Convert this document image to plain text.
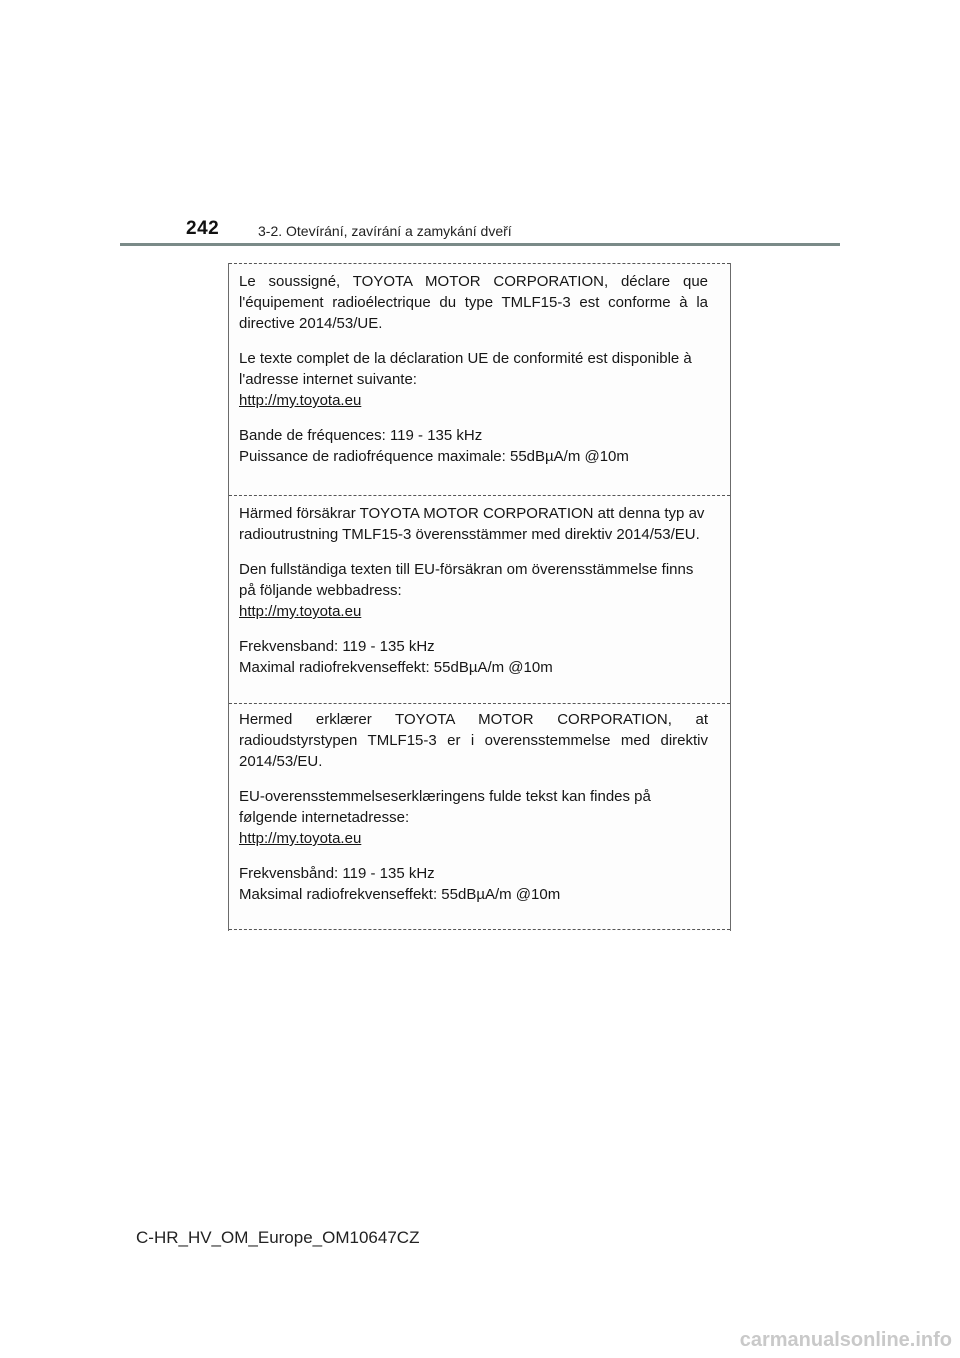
242	3-2. Otevírání, zavírání a zamykání dveří
Le soussigné, TOYOTA MOTOR CORPORATION, déclare que
l'équipement radioélectrique du type TMLF15-3 est conforme à la
directive 2014/53/UE.
Le texte complet de la déclaration UE de conformité est disponible à
l'adresse internet suivante:
http://my.toyota.eu
Bande de fréquences: 119 - 135 kHz
Puissance de radiofréquence maximale: 55dBµA/m @10m
Härmed försäkrar TOYOTA MOTOR CORPORATION att denna typ av
radioutrustning TMLF15-3 överensstämmer med direktiv 2014/53/EU.
Den fullständiga texten till EU-försäkran om överensstämmelse finns
på följande webbadress:
http://my.toyota.eu
Frekvensband: 119 - 135 kHz
Maximal radiofrekvenseffekt: 55dBµA/m @10m
Hermed erklærer TOYOTA MOTOR CORPORATION, at
radioudstyrstypen TMLF15-3 er i overensstemmelse med direktiv
2014/53/EU.
EU-overensstemmelseserklæringens fulde tekst kan findes på
følgende internetadresse:
http://my.toyota.eu
Frekvensbånd: 119 - 135 kHz
Maksimal radiofrekvenseffekt: 55dBµA/m @10m
C-HR_HV_OM_Europe_OM10647CZ
carmanualsonline.info
